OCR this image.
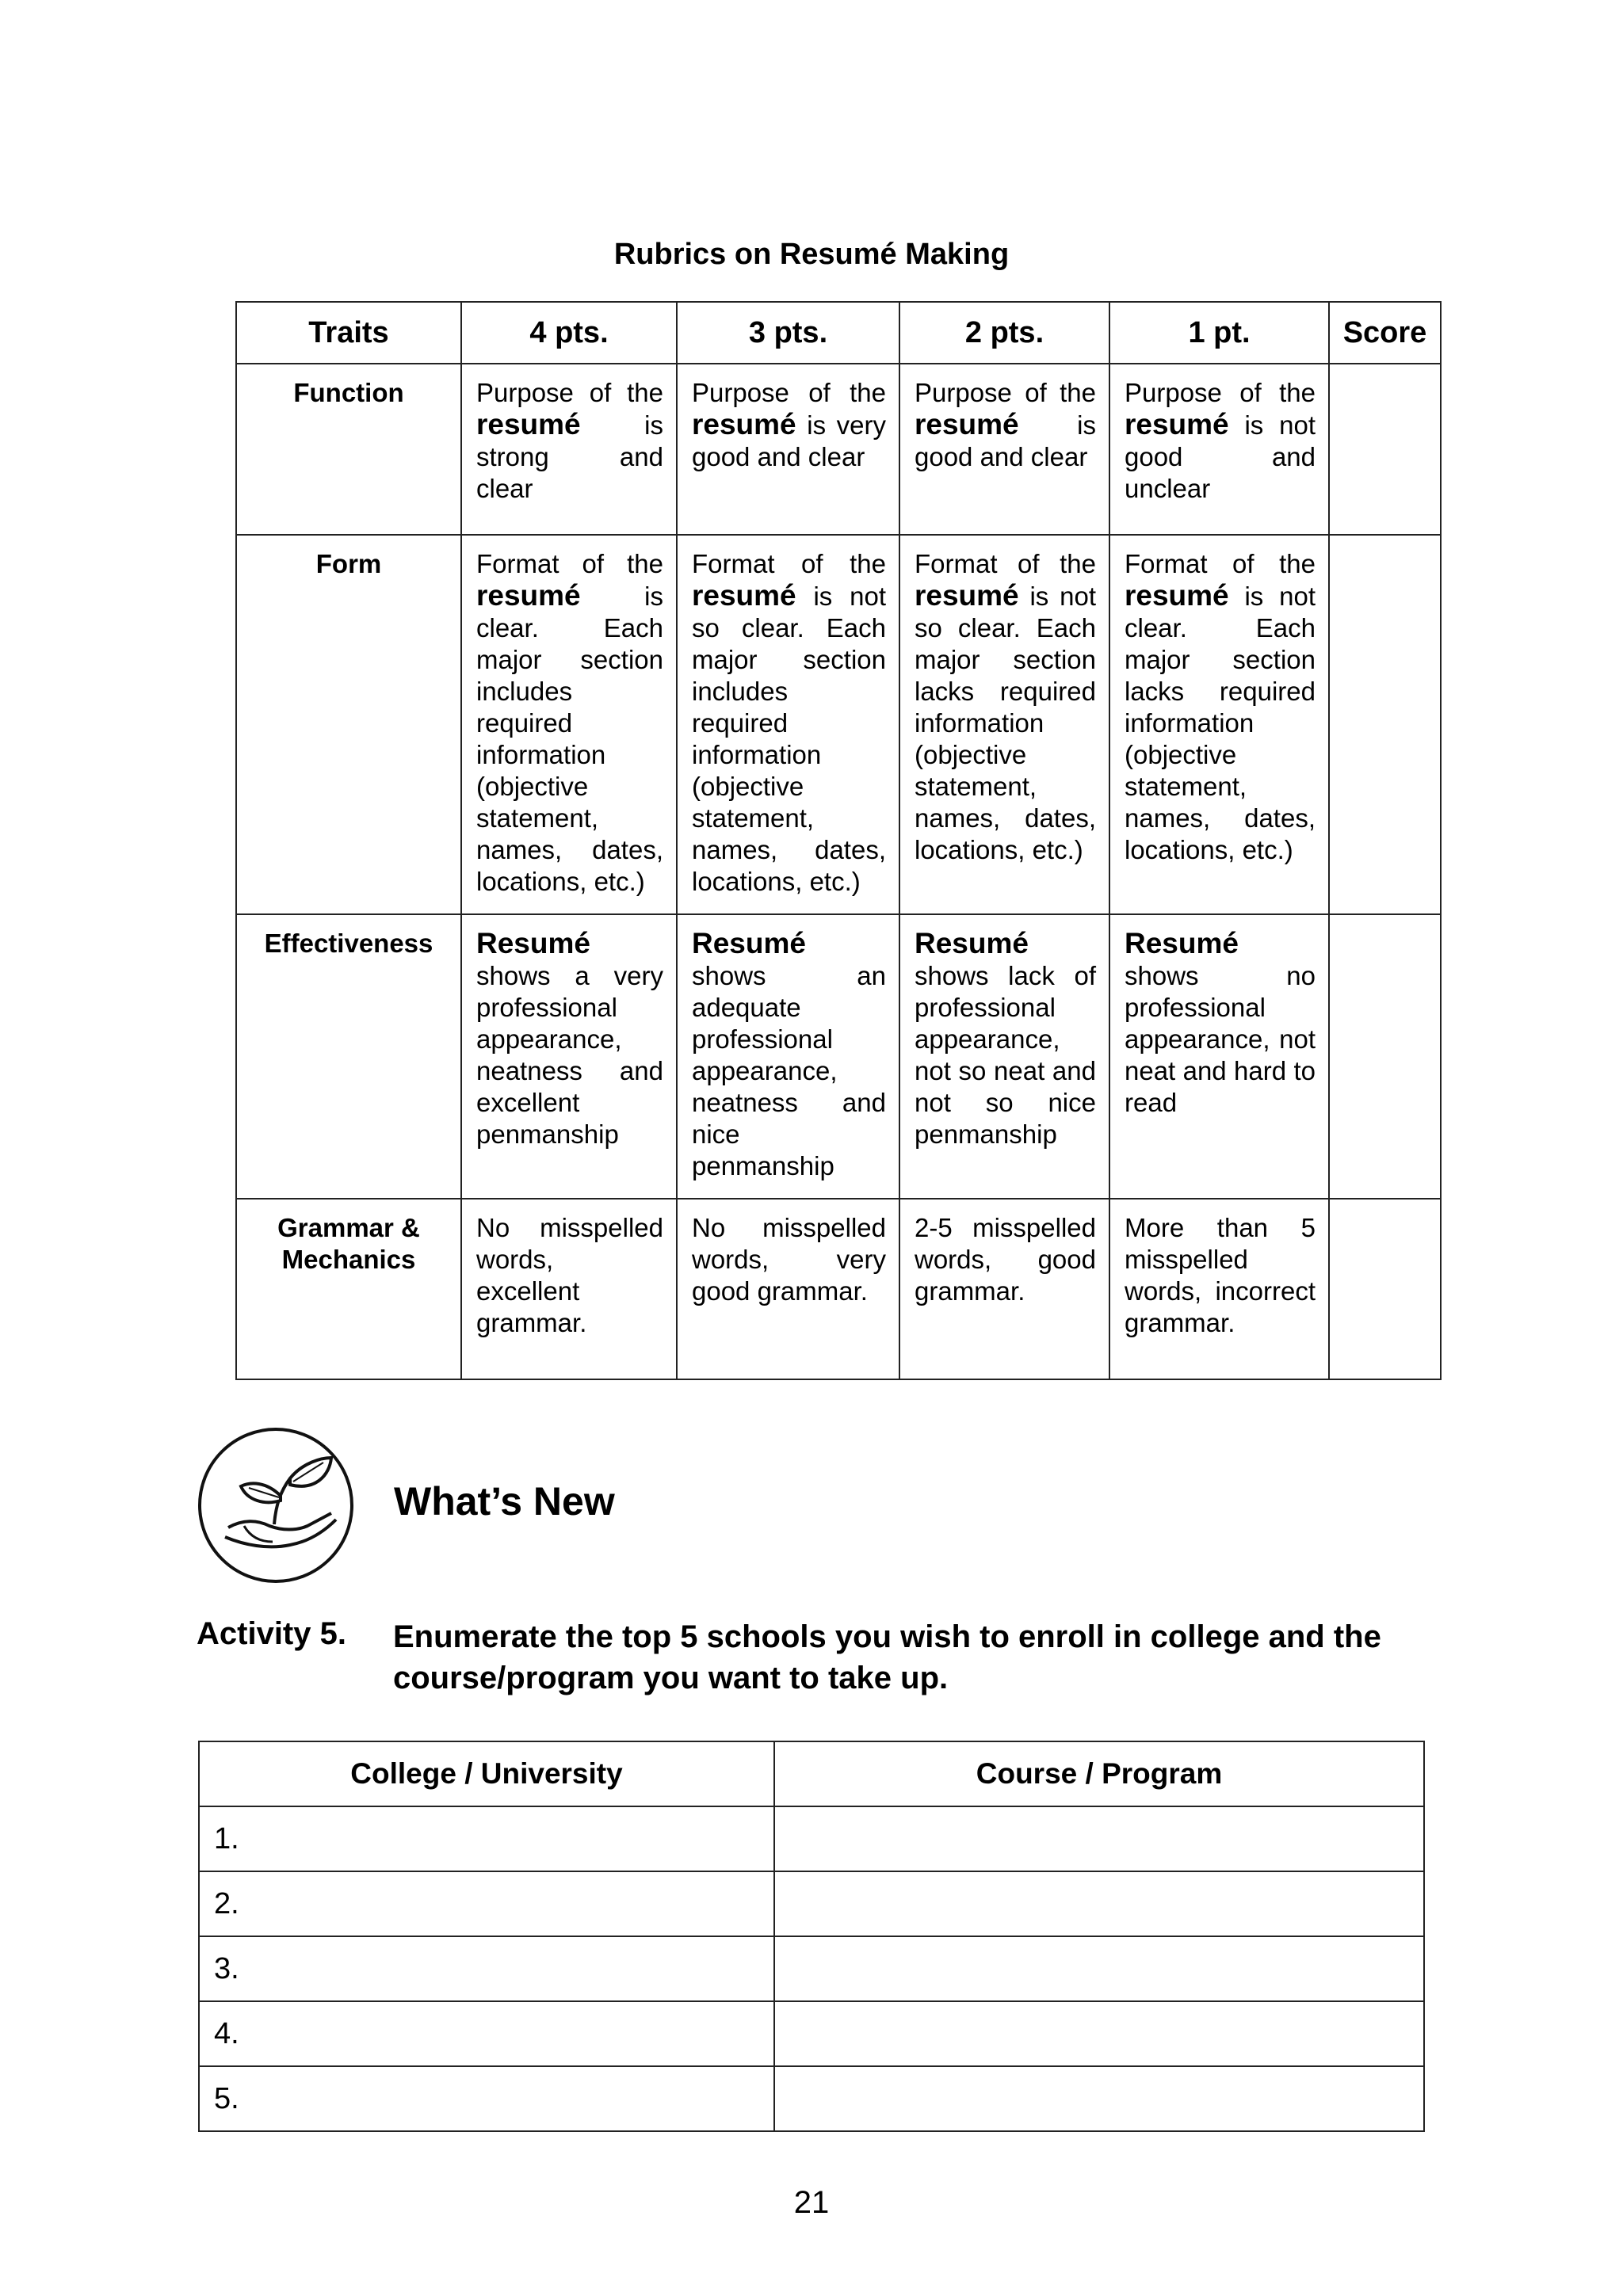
Rubrics on Resumé Making
Traits	4 pts.	3 pts.	2 pts.	1 pt.	Score

Function	Purpose of the resumé is strong and clear	Purpose of the resumé is very good and clear	Purpose of the resumé is good and clear	Purpose of the resumé is not good and unclear	

Form	Format of the resumé is clear. Each major section includes required information (objective statement, names, dates, locations, etc.)	Format of the resumé is not so clear. Each major section includes required information (objective statement, names, dates, locations, etc.)	Format of the resumé is not so clear. Each major section lacks required information (objective statement, names, dates, locations, etc.)	Format of the resumé is not clear. Each major section lacks required information (objective statement, names, dates, locations, etc.)	

Effectiveness	Resumé shows a very professional appearance, neatness and excellent penmanship	Resumé shows an adequate professional appearance, neatness and nice penmanship	Resumé shows lack of professional appearance, not so neat and not so nice penmanship	Resumé shows no professional appearance, not neat and hard to read	

Grammar &
Mechanics	No misspelled words, excellent grammar.	No misspelled words, very good grammar.	2-5 misspelled words, good grammar.	More than 5 misspelled words, incorrect grammar.	
What’s New
Activity 5. Enumerate the top 5 schools you wish to enroll in college and the course/program you want to take up.
College / University	Course / Program
1.	
2.	
3.	
4.	
5.	
21
